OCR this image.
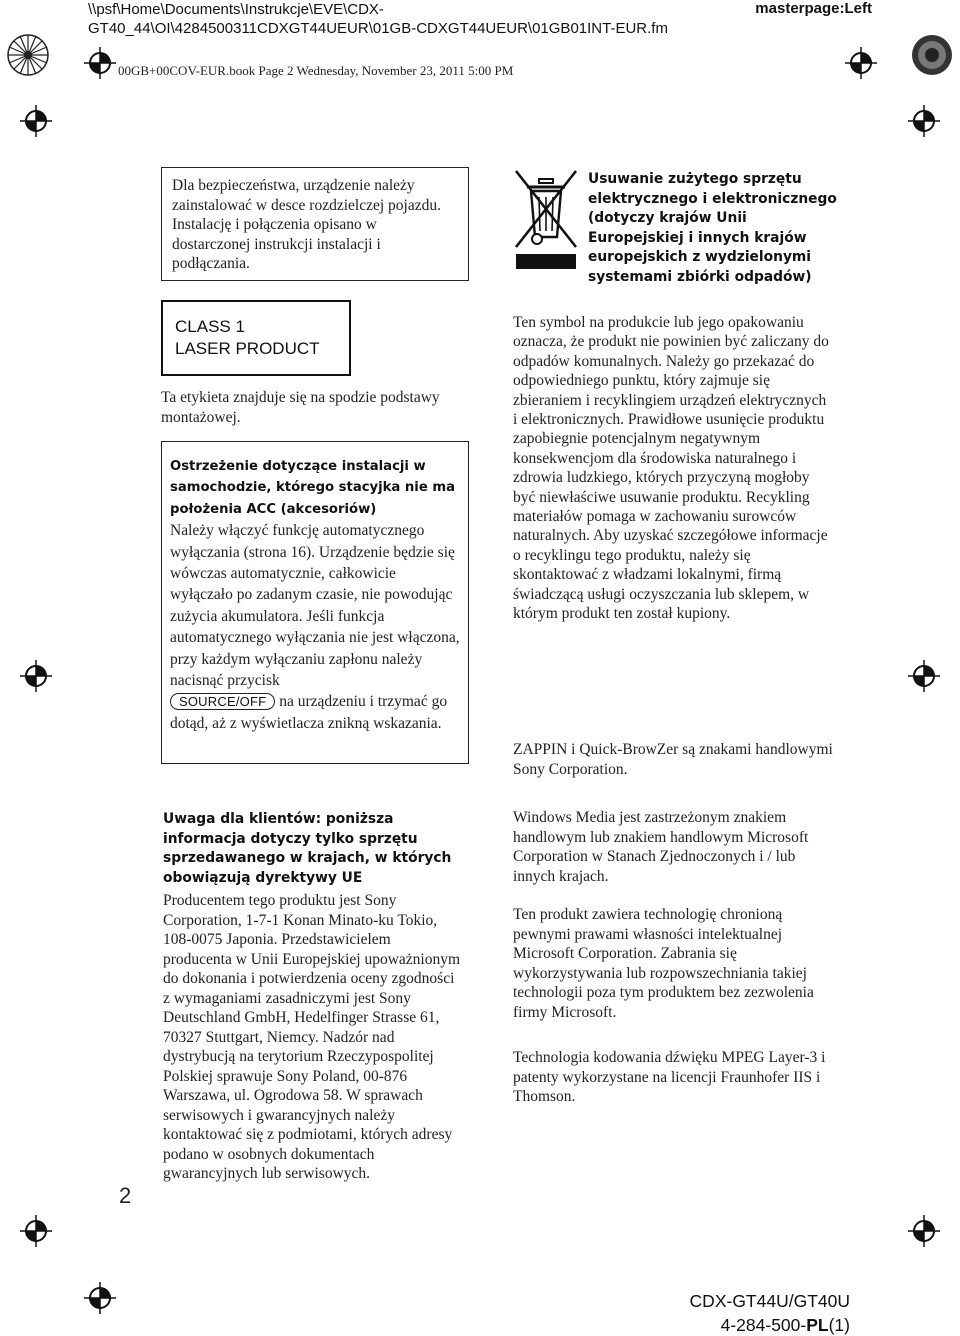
\\psf\Home\Documents\Instrukcje\EVE\CDX-
GT40_44\OI\4284500311CDXGT44UEUR\01GB-CDXGT44UEUR\01GB01INT-EUR.fm
masterpage:Left
00GB+00COV-EUR.book Page 2 Wednesday, November 23, 2011 5:00 PM

Dla bezpieczeństwa, urządzenie należy zainstalować w desce rozdzielczej pojazdu. Instalację i połączenia opisano w dostarczonej instrukcji instalacji i podłączania.

CLASS 1
LASER PRODUCT

Ta etykieta znajduje się na spodzie podstawy montażowej.

Ostrzeżenie dotyczące instalacji w samochodzie, którego stacyjka nie ma położenia ACC (akcesoriów)

Należy włączyć funkcję automatycznego wyłączania (strona 16). Urządzenie będzie się wówczas automatycznie, całkowicie wyłączało po zadanym czasie, nie powodując zużycia akumulatora. Jeśli funkcja automatycznego wyłączania nie jest włączona, przy każdym wyłączaniu zapłonu należy nacisnąć przycisk
SOURCE/OFF na urządzeniu i trzymać go dotąd, aż z wyświetlacza znikną wskazania.

Uwaga dla klientów: poniższa informacja dotyczy tylko sprzętu sprzedawanego w krajach, w których obowiązują dyrektywy UE

Producentem tego produktu jest Sony Corporation, 1-7-1 Konan Minato-ku Tokio, 108-0075 Japonia. Przedstawicielem producenta w Unii Europejskiej upoważnionym do dokonania i potwierdzenia oceny zgodności z wymaganiami zasadniczymi jest Sony Deutschland GmbH, Hedelfinger Strasse 61, 70327 Stuttgart, Niemcy. Nadzór nad dystrybucją na terytorium Rzeczypospolitej Polskiej sprawuje Sony Poland, 00-876 Warszawa, ul. Ogrodowa 58. W sprawach serwisowych i gwarancyjnych należy kontaktować się z podmiotami, których adresy podano w osobnych dokumentach gwarancyjnych lub serwisowych.

2
Usuwanie zużytego sprzętu elektrycznego i elektronicznego (dotyczy krajów Unii Europejskiej i innych krajów europejskich z wydzielonymi systemami zbiórki odpadów)

Ten symbol na produkcie lub jego opakowaniu oznacza, że produkt nie powinien być zaliczany do odpadów komunalnych. Należy go przekazać do odpowiedniego punktu, który zajmuje się zbieraniem i recyklingiem urządzeń elektrycznych i elektronicznych. Prawidłowe usunięcie produktu zapobiegnie potencjalnym negatywnym konsekwencjom dla środowiska naturalnego i zdrowia ludzkiego, których przyczyną mogłoby być niewłaściwe usuwanie produktu. Recykling materiałów pomaga w zachowaniu surowców naturalnych. Aby uzyskać szczegółowe informacje o recyklingu tego produktu, należy się skontaktować z władzami lokalnymi, firmą świadczącą usługi oczyszczania lub sklepem, w którym produkt ten został kupiony.

ZAPPIN i Quick-BrowZer są znakami handlowymi Sony Corporation.

Windows Media jest zastrzeżonym znakiem handlowym lub znakiem handlowym Microsoft Corporation w Stanach Zjednoczonych i / lub innych krajach.

Ten produkt zawiera technologię chronioną pewnymi prawami własności intelektualnej Microsoft Corporation. Zabrania się wykorzystywania lub rozpowszechniania takiej technologii poza tym produktem bez zezwolenia firmy Microsoft.

Technologia kodowania dźwięku MPEG Layer-3 i patenty wykorzystane na licencji Fraunhofer IIS i Thomson.

CDX-GT44U/GT40U
4-284-500-PL(1)
